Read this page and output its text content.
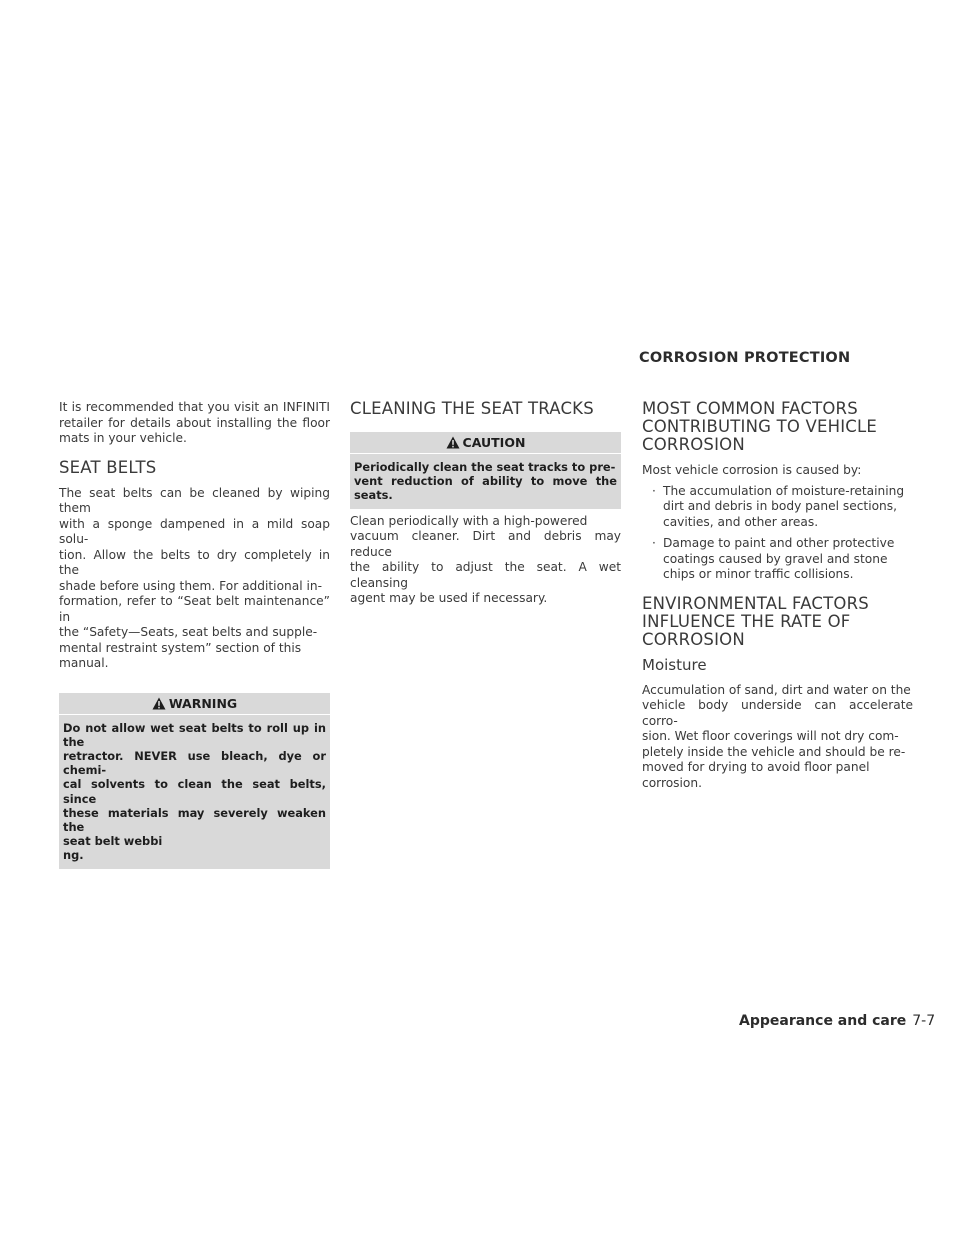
CORROSION PROTECTION

It is recommended that you visit an INFINITI retailer for details about installing the floor mats in your vehicle.

SEAT BELTS

The seat belts can be cleaned by wiping them
with a sponge dampened in a mild soap solu-
tion. Allow the belts to dry completely in the
shade before using them. For additional in-
formation, refer to “Seat belt maintenance” in
the “Safety—Seats, seat belts and supple-
mental restraint system” section of this
manual.

WARNING
Do not allow wet seat belts to roll up in the
retractor. NEVER use bleach, dye or chemi-
cal solvents to clean the seat belts, since
these materials may severely weaken the
seat belt webbi
ng.
CLEANING THE SEAT TRACKS
CAUTION
Periodically clean the seat tracks to pre-
vent reduction of ability to move the seats.

Clean periodically with a high-powered
vacuum cleaner. Dirt and debris may reduce
the ability to adjust the seat. A wet cleansing
agent may be used if necessary.

MOST COMMON FACTORS
CONTRIBUTING TO VEHICLE
CORROSION

Most vehicle corrosion is caused by:

· The accumulation of moisture-retaining
dirt and debris in body panel sections,
cavities, and other areas.
· Damage to paint and other protective
coatings caused by gravel and stone
chips or minor traffic collisions.
ENVIRONMENTAL FACTORS
INFLUENCE THE RATE OF
CORROSION
Moisture

Accumulation of sand, dirt and water on the
vehicle body underside can accelerate corro-
sion. Wet floor coverings will not dry com-
pletely inside the vehicle and should be re-
moved for drying to avoid floor panel
corrosion.

Appearance and care 7-7
